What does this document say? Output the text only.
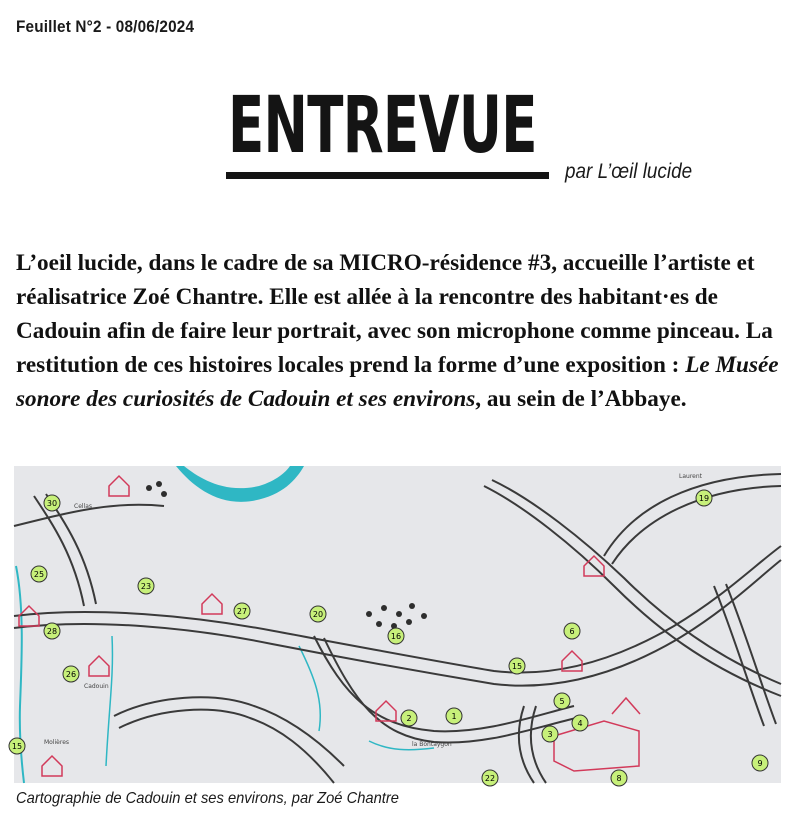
Feuillet N°2 - 08/06/2024
ENTREVUE
par L’œil lucide

L’oeil lucide, dans le cadre de sa MICRO-résidence #3, accueille l’artiste et réalisatrice Zoé Chantre. Elle est allée à la rencontre des habitant·es de Cadouin afin de faire leur portrait, avec son microphone comme pinceau. La restitution de ces histoires locales prend la forme d’une exposition : Le Musée sonore des curiosités de Cadouin et ses environs, au sein de l’Abbaye.

30
23
27	20
16
15
19
6
5
4
3
2	1
25
28
26
15
9
8
22
Cellas
Laurent
la Bontaygon
Molières
Cadouin
Cartographie de Cadouin et ses environs, par Zoé Chantre
